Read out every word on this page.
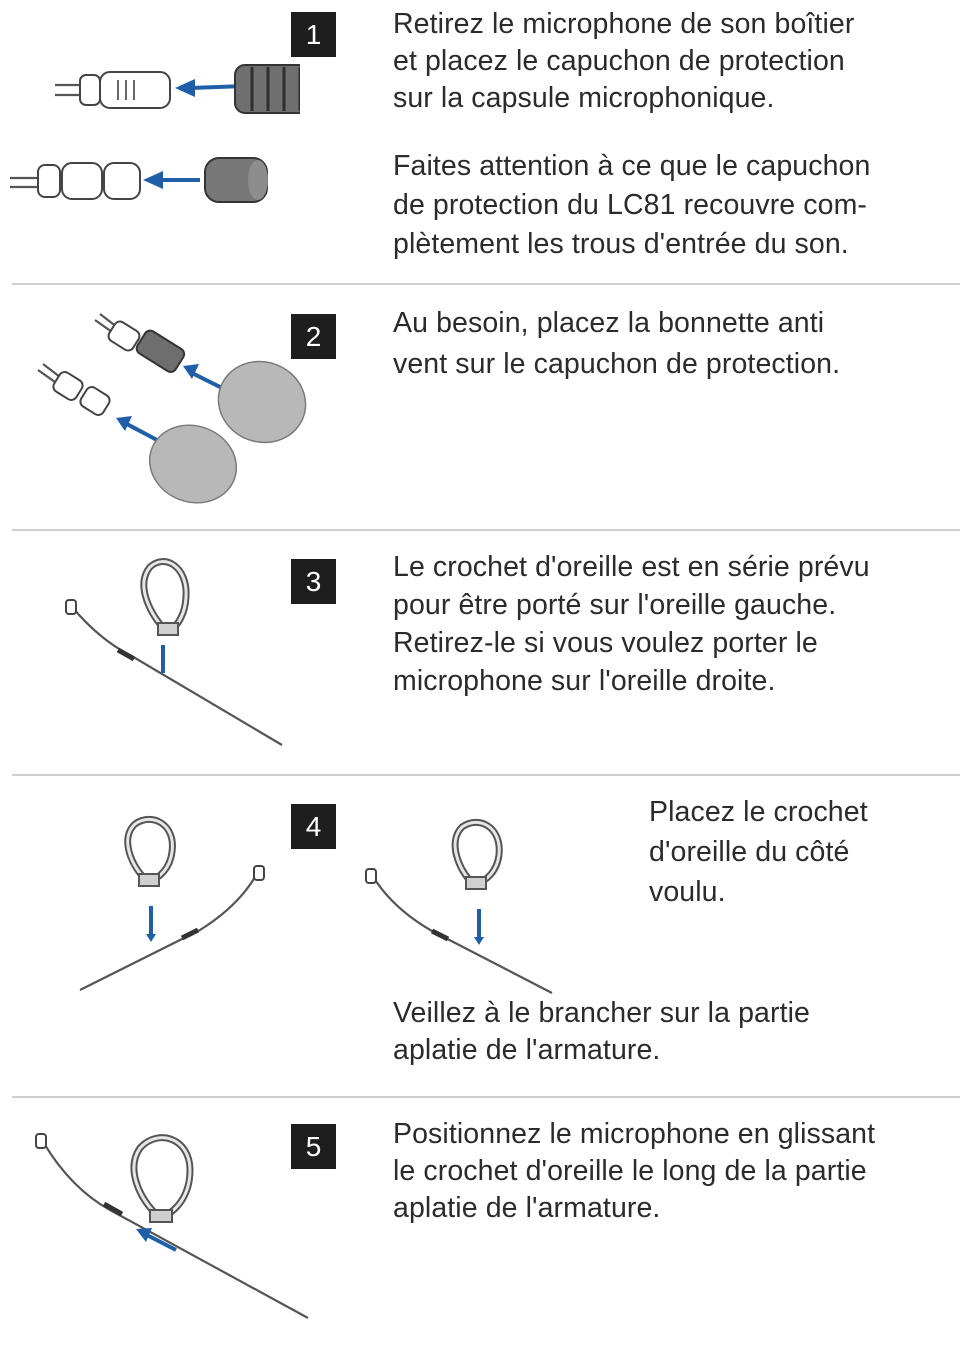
1	Retirez le microphone de son boîtier
et placez le capuchon de protection
sur la capsule microphonique.

Faites attention à ce que le capuchon
de protection du LC81 recouvre com-
plètement les trous d'entrée du son.

2	Au besoin, placez la bonnette anti
vent sur le capuchon de protection.

3	Le crochet d'oreille est en série prévu
pour être porté sur l'oreille gauche.
Retirez-le si vous voulez porter le
microphone sur l'oreille droite.

4	Placez le crochet
d'oreille du côté
voulu.

Veillez à le brancher sur la partie
aplatie de l'armature.

5	Positionnez le microphone en glissant
le crochet d'oreille le long de la partie
aplatie de l'armature.
